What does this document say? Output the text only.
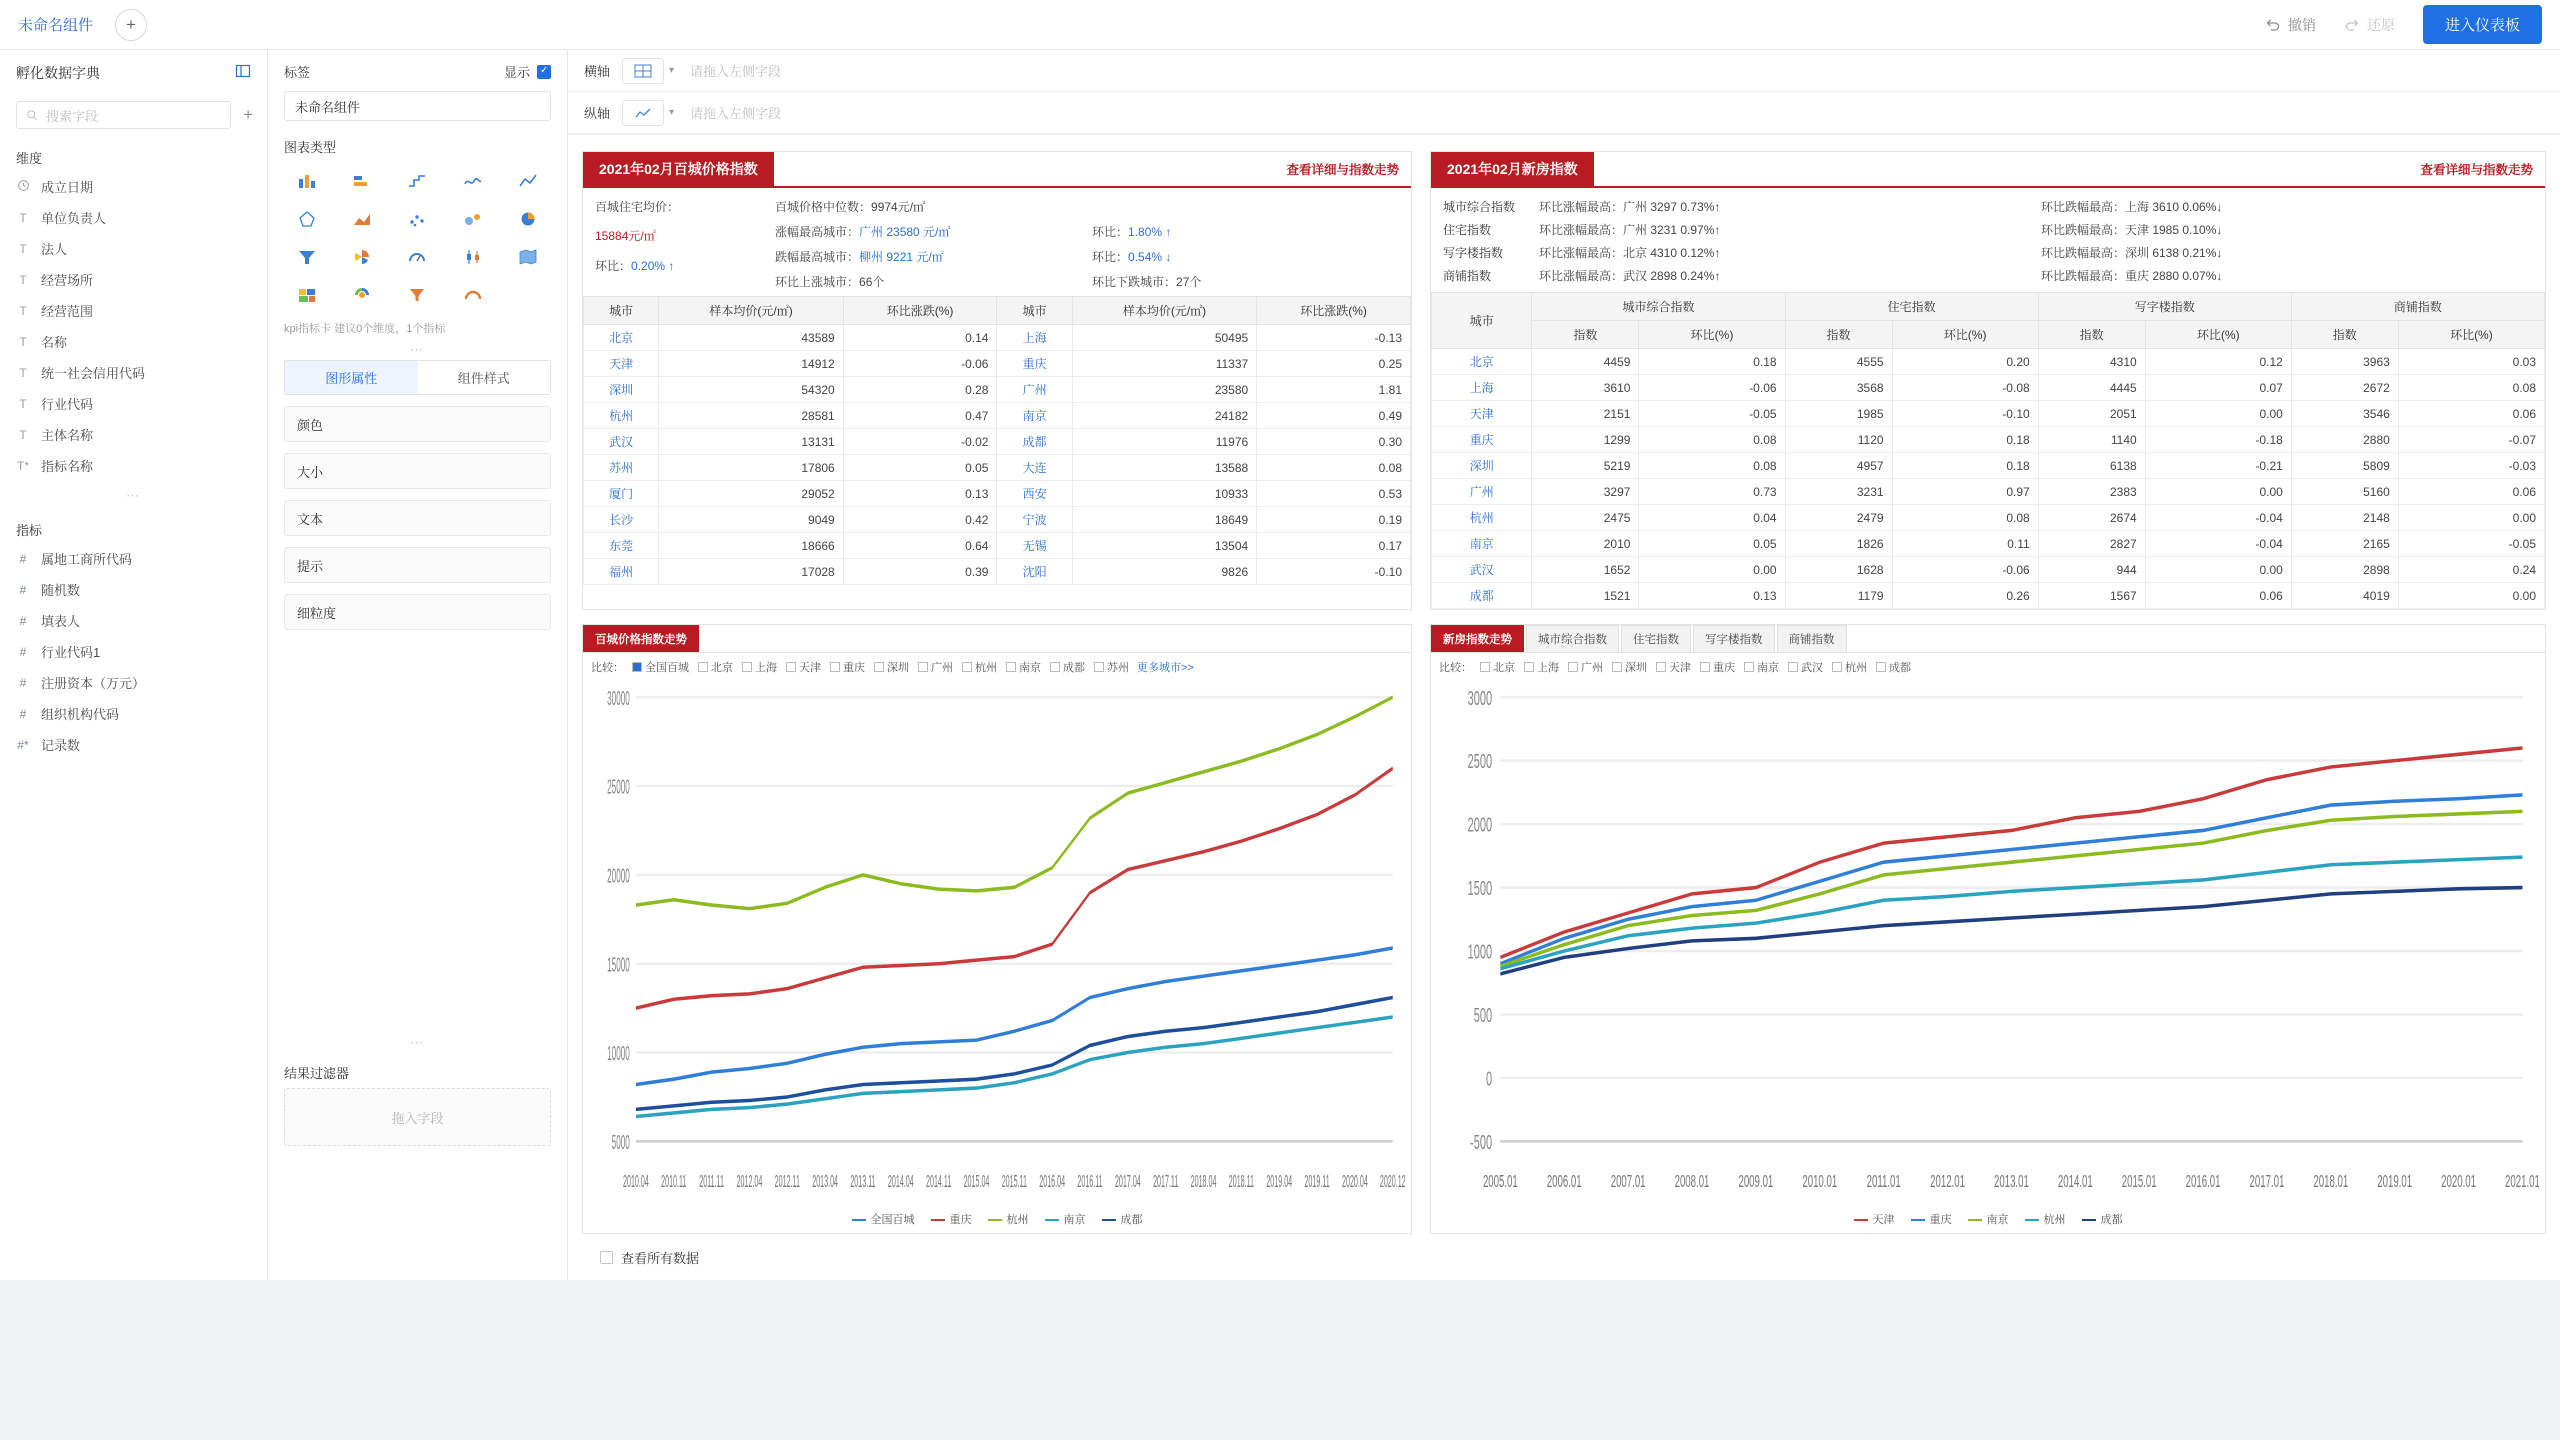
未命名组件 +	撤销	还原	进入仪表板
孵化数据字典
搜索字段	+
维度
成立日期
T 单位负责人
T 法人
T 经营场所
T 经营范围
T 名称
T 统一社会信用代码
T 行业代码
T 主体名称
T* 指标名称
⋯
指标
# 属地工商所代码
# 随机数
# 填表人
# 行业代码1
# 注册资本（万元）
# 组织机构代码
#* 记录数
标签	显示
✓
未命名组件
图表类型
kpi指标卡 建议0个维度，1个指标
⋯
图形属性	组件样式
颜色
大小
文本
提示
细粒度
⋯
结果过滤器
拖入字段
横轴	▾ 请拖入左侧字段
纵轴	▾ 请拖入左侧字段
2021年02月百城价格指数	查看详细与指数走势
百城住宅均价：
15884元/㎡
环比：0.20% ↑
百城价格中位数：9974元/㎡
涨幅最高城市：广州 23580 元/㎡	环比：1.80% ↑
跌幅最高城市：柳州 9221 元/㎡	环比：0.54% ↓
环比上涨城市：66个	环比下跌城市：27个
城市	样本均价(元/㎡)	环比涨跌(%)	城市	样本均价(元/㎡)	环比涨跌(%)
北京	43589	0.14	上海	50495	-0.13
天津	14912	-0.06	重庆	11337	0.25
深圳	54320	0.28	广州	23580	1.81
杭州	28581	0.47	南京	24182	0.49
武汉	13131	-0.02	成都	11976	0.30
苏州	17806	0.05	大连	13588	0.08
厦门	29052	0.13	西安	10933	0.53
长沙	9049	0.42	宁波	18649	0.19
东莞	18666	0.64	无锡	13504	0.17
福州	17028	0.39	沈阳	9826	-0.10
2021年02月新房指数	查看详细与指数走势
城市综合指数	环比涨幅最高：广州 3297 0.73%↑	环比跌幅最高：上海 3610 0.06%↓
住宅指数	环比涨幅最高：广州 3231 0.97%↑	环比跌幅最高：天津 1985 0.10%↓
写字楼指数	环比涨幅最高：北京 4310 0.12%↑	环比跌幅最高：深圳 6138 0.21%↓
商铺指数	环比涨幅最高：武汉 2898 0.24%↑	环比跌幅最高：重庆 2880 0.07%↓
城市	城市综合指数		住宅指数		写字楼指数		商铺指数	
	指数	环比(%)	指数	环比(%)	指数	环比(%)	指数	环比(%)
北京	4459	0.18	4555	0.20	4310	0.12	3963	0.03
上海	3610	-0.06	3568	-0.08	4445	0.07	2672	0.08
天津	2151	-0.05	1985	-0.10	2051	0.00	3546	0.06
重庆	1299	0.08	1120	0.18	1140	-0.18	2880	-0.07
深圳	5219	0.08	4957	0.18	6138	-0.21	5809	-0.03
广州	3297	0.73	3231	0.97	2383	0.00	5160	0.06
杭州	2475	0.04	2479	0.08	2674	-0.04	2148	0.00
南京	2010	0.05	1826	0.11	2827	-0.04	2165	-0.05
武汉	1652	0.00	1628	-0.06	944	0.00	2898	0.24
成都	1521	0.13	1179	0.26	1567	0.06	4019	0.00
百城价格指数走势
比较： 全国百城 北京 上海 天津 重庆 深圳 广州 杭州 南京 成都 苏州 更多城市>>
5000
10000
15000
20000
25000
30000
2010.04 2010.11 2011.11 2012.04 2012.11 2013.04 2013.11 2014.04 2014.11 2015.04 2015.11 2016.04 2016.11 2017.04 2017.11 2018.04 2018.11 2019.04 2019.11 2020.04 2020.12
全国百城	重庆	杭州	南京	成都
新房指数走势	城市综合指数	住宅指数	写字楼指数	商铺指数
比较： 北京 上海 广州 深圳 天津 重庆 南京 武汉 杭州 成都
-500
0
500
1000
1500
2000
2500
3000
2005.01	2006.01	2007.01	2008.01	2009.01	2010.01	2011.01	2012.01	2013.01	2014.01	2015.01	2016.01	2017.01	2018.01	2019.01	2020.01	2021.01
天津	重庆	南京	杭州	成都
查看所有数据
